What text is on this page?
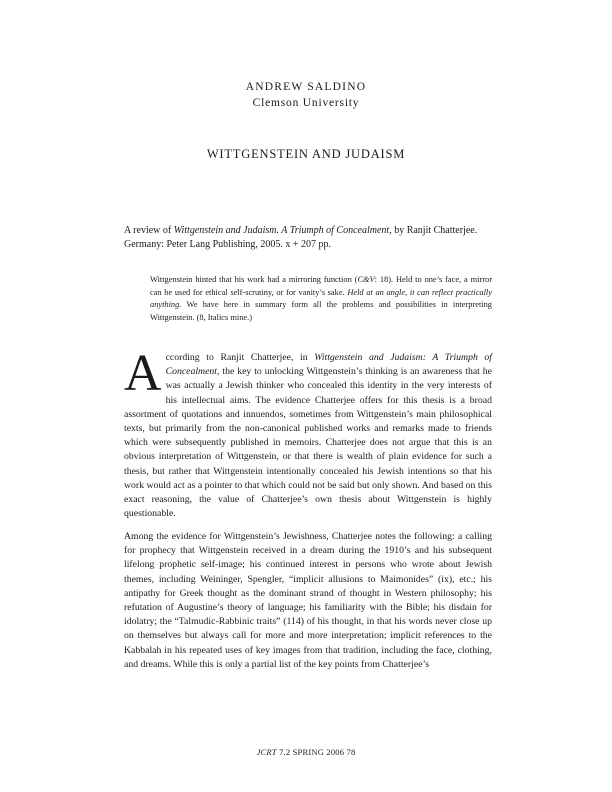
ANDREW SALDINO
Clemson University
WITTGENSTEIN AND JUDAISM
A review of Wittgenstein and Judaism. A Triumph of Concealment, by Ranjit Chatterjee. Germany: Peter Lang Publishing, 2005. x + 207 pp.
Wittgenstein hinted that his work had a mirroring function (C&V: 18). Held to one’s face, a mirror can be used for ethical self-scrutiny, or for vanity’s sake. Held at an angle, it can reflect practically anything. We have here in summary form all the problems and possibilities in interpreting Wittgenstein. (8, Italics mine.)
According to Ranjit Chatterjee, in Wittgenstein and Judaism: A Triumph of Concealment, the key to unlocking Wittgenstein’s thinking is an awareness that he was actually a Jewish thinker who concealed this identity in the very interests of his intellectual aims. The evidence Chatterjee offers for this thesis is a broad assortment of quotations and innuendos, sometimes from Wittgenstein’s main philosophical texts, but primarily from the non-canonical published works and remarks made to friends which were subsequently published in memoirs. Chatterjee does not argue that this is an obvious interpretation of Wittgenstein, or that there is wealth of plain evidence for such a thesis, but rather that Wittgenstein intentionally concealed his Jewish intentions so that his work would act as a pointer to that which could not be said but only shown. And based on this exact reasoning, the value of Chatterjee’s own thesis about Wittgenstein is highly questionable.
Among the evidence for Wittgenstein’s Jewishness, Chatterjee notes the following: a calling for prophecy that Wittgenstein received in a dream during the 1910’s and his subsequent lifelong prophetic self-image; his continued interest in persons who wrote about Jewish themes, including Weininger, Spengler, “implicit allusions to Maimonides” (ix), etc.; his antipathy for Greek thought as the dominant strand of thought in Western philosophy; his refutation of Augustine’s theory of language; his familiarity with the Bible; his disdain for idolatry; the “Talmudic-Rabbinic traits” (114) of his thought, in that his words never close up on themselves but always call for more and more interpretation; implicit references to the Kabbalah in his repeated uses of key images from that tradition, including the face, clothing, and dreams. While this is only a partial list of the key points from Chatterjee’s
JCRT 7.2 SPRING 2006 78
